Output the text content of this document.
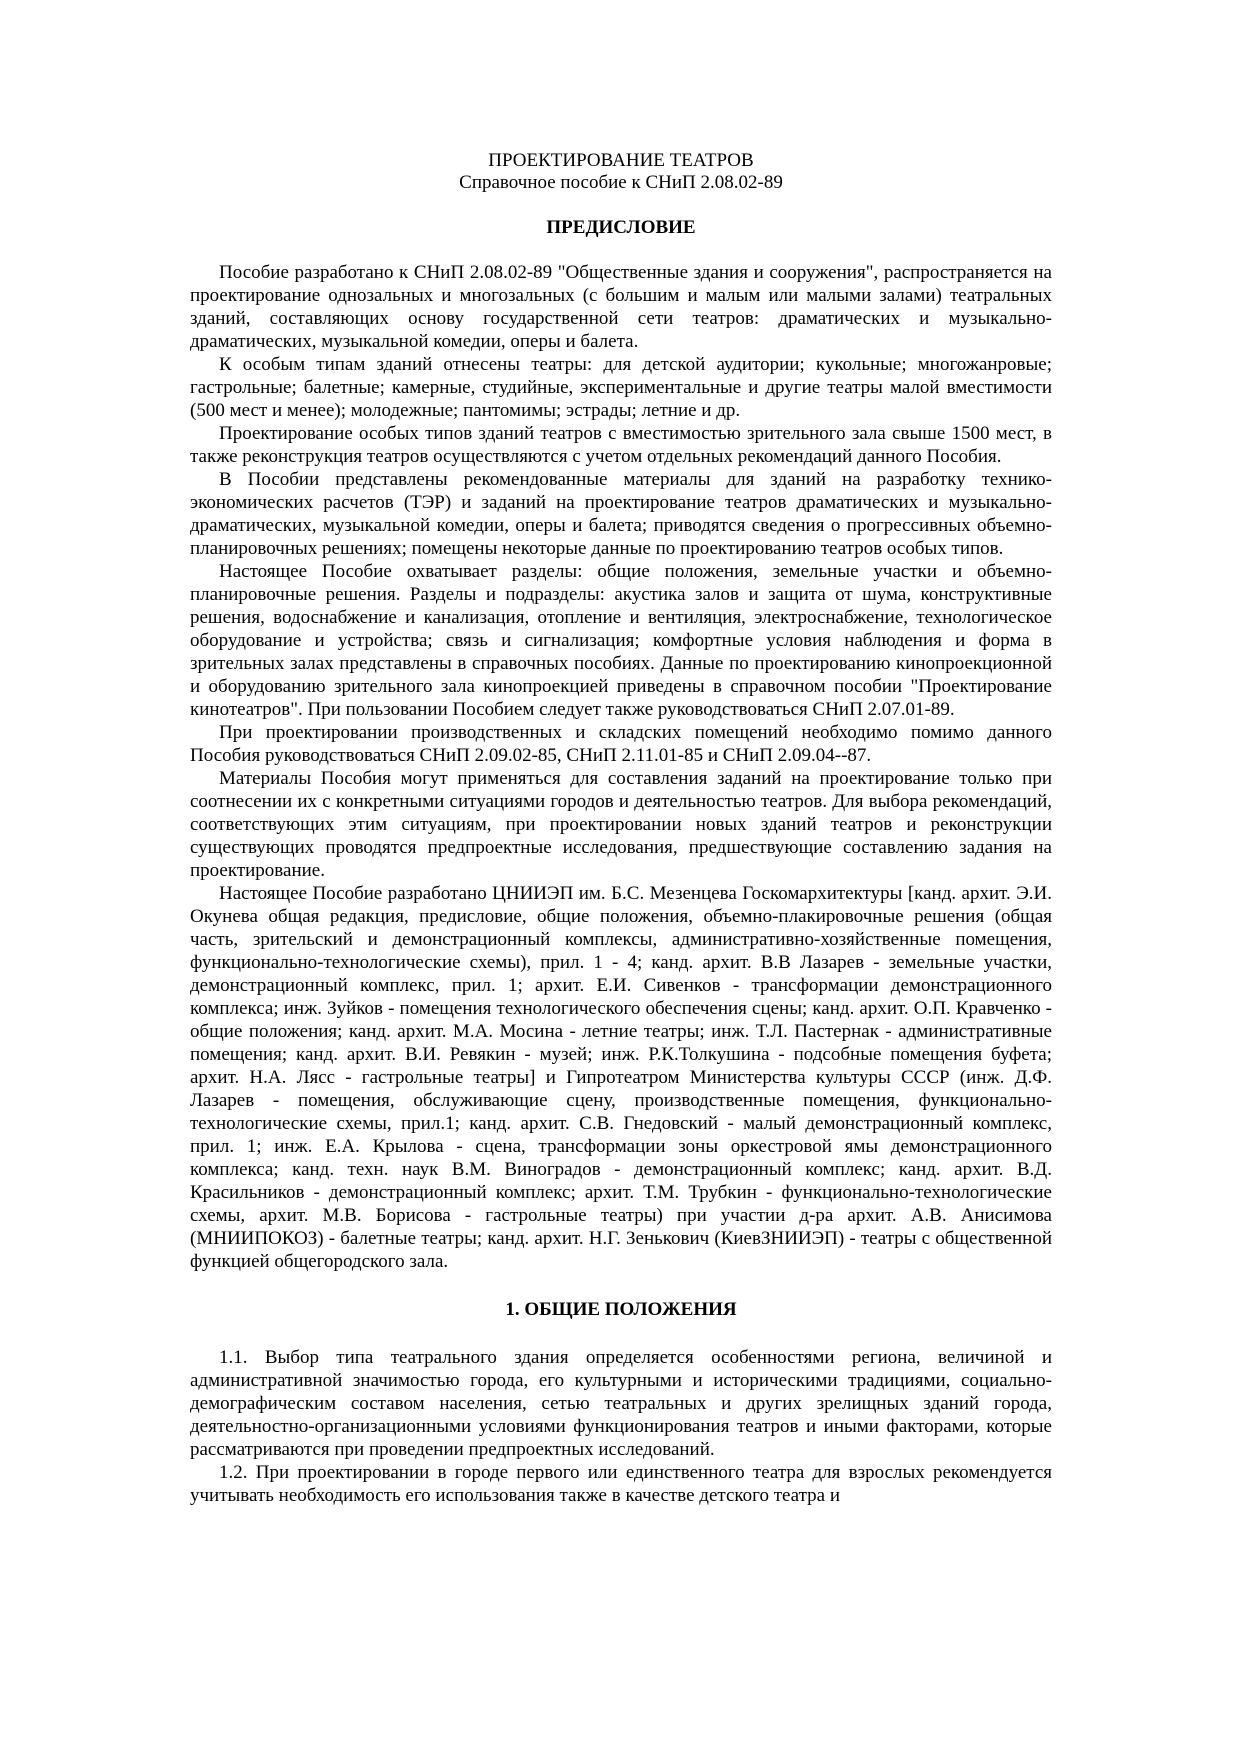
ПРОЕКТИРОВАНИЕ ТЕАТРОВ

Справочное пособие к СНиП 2.08.02-89

ПРЕДИСЛОВИЕ

Пособие разработано к СНиП 2.08.02-89 "Общественные здания и сооружения", распространяется на проектирование однозальных и многозальных (с большим и малым или малыми залами) театральных зданий, составляющих основу государственной сети театров: драматических и музыкально-драматических, музыкальной комедии, оперы и балета.

К особым типам зданий отнесены театры: для детской аудитории; кукольные; многожанровые; гастрольные; балетные; камерные, студийные, экспериментальные и другие театры малой вместимости (500 мест и менее); молодежные; пантомимы; эстрады; летние и др.

Проектирование особых типов зданий театров с вместимостью зрительного зала свыше 1500 мест, в также реконструкция театров осуществляются с учетом отдельных рекомендаций данного Пособия.

В Пособии представлены рекомендованные материалы для зданий на разработку технико-экономических расчетов (ТЭР) и заданий на проектирование театров драматических и музыкально-драматических, музыкальной комедии, оперы и балета; приводятся сведения о прогрессивных объемно-планировочных решениях; помещены некоторые данные по проектированию театров особых типов.

Настоящее Пособие охватывает разделы: общие положения, земельные участки и объемно-планировочные решения. Разделы и подразделы: акустика залов и защита от шума, конструктивные решения, водоснабжение и канализация, отопление и вентиляция, электроснабжение, технологическое оборудование и устройства; связь и сигнализация; комфортные условия наблюдения и форма в зрительных залах представлены в справочных пособиях. Данные по проектированию кинопроекционной и оборудованию зрительного зала кинопроекцией приведены в справочном пособии "Проектирование кинотеатров". При пользовании Пособием следует также руководствоваться СНиП 2.07.01-89.

При проектировании производственных и складских помещений необходимо помимо данного Пособия руководствоваться СНиП 2.09.02-85, СНиП 2.11.01-85 и СНиП 2.09.04--87.

Материалы Пособия могут применяться для составления заданий на проектирование только при соотнесении их с конкретными ситуациями городов и деятельностью театров. Для выбора рекомендаций, соответствующих этим ситуациям, при проектировании новых зданий театров и реконструкции существующих проводятся предпроектные исследования, предшествующие составлению задания на проектирование.

Настоящее Пособие разработано ЦНИИЭП им. Б.С. Мезенцева Госкомархитектуры [канд. архит. Э.И. Окунева общая редакция, предисловие, общие положения, объемно-плакировочные решения (общая часть, зрительский и демонстрационный комплексы, административно-хозяйственные помещения, функционально-технологические схемы), прил. 1 - 4; канд. архит. В.В Лазарев - земельные участки, демонстрационный комплекс, прил. 1; архит. Е.И. Сивенков - трансформации демонстрационного комплекса; инж. Зуйков - помещения технологического обеспечения сцены; канд. архит. О.П. Кравченко - общие положения; канд. архит. М.А. Мосина - летние театры; инж. Т.Л. Пастернак - административные помещения; канд. архит. В.И. Ревякин - музей; инж. Р.К.Толкушина - подсобные помещения буфета; архит. Н.А. Ляcс - гастрольные театры] и Гипротеатром Министерства культуры СССР (инж. Д.Ф. Лазарев - помещения, обслуживающие сцену, производственные помещения, функционально-технологические схемы, прил.1; канд. архит. С.В. Гнедовский - малый демонстрационный комплекс, прил. 1; инж. Е.А. Крылова - сцена, трансформации зоны оркестровой ямы демонстрационного комплекса; канд. техн. наук В.М. Виноградов - демонстрационный комплекс; канд. архит. В.Д. Красильников - демонстрационный комплекс; архит. Т.М. Трубкин - функционально-технологические схемы, архит. М.В. Борисова - гастрольные театры) при участии д-ра архит. А.В. Анисимова (МНИИПОКОЗ) - балетные театры; канд. архит. Н.Г. Зенькович (КиевЗНИИЭП) - театры с общественной функцией общегородского зала.

1. ОБЩИЕ ПОЛОЖЕНИЯ

1.1. Выбор типа театрального здания определяется особенностями региона, величиной и административной значимостью города, его культурными и историческими традициями, социально-демографическим составом населения, сетью театральных и других зрелищных зданий города, деятельностно-организационными условиями функционирования театров и иными факторами, которые рассматриваются при проведении предпроектных исследований.

1.2. При проектировании в городе первого или единственного театра для взрослых рекомендуется учитывать необходимость его использования также в качестве детского театра и
